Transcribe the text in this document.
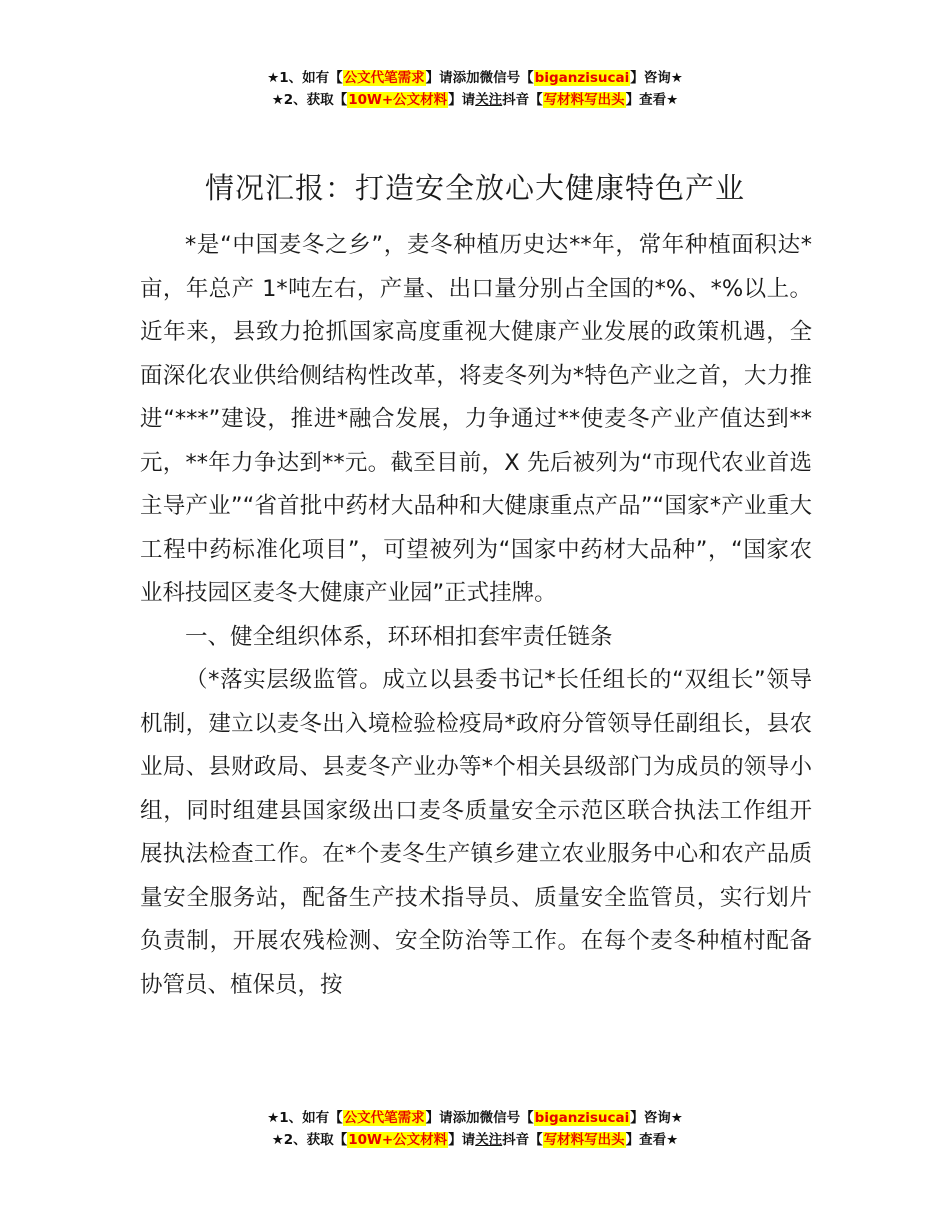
★1、如有【公文代笔需求】请添加微信号【biganzisucai】咨询★
★2、获取【10W+公文材料】请关注抖音【写材料写出头】查看★
情况汇报：打造安全放心大健康特色产业

*是“中国麦冬之乡”，麦冬种植历史达**年，常年种植面积达*亩，年总产 1*吨左右，产量、出口量分别占全国的*%、*%以上。近年来，县致力抢抓国家高度重视大健康产业发展的政策机遇，全面深化农业供给侧结构性改革，将麦冬列为*特色产业之首，大力推进“***”建设，推进*融合发展，力争通过**使麦冬产业产值达到**元，**年力争达到**元。截至目前，X 先后被列为“市现代农业首选主导产业”“省首批中药材大品种和大健康重点产品”“国家*产业重大工程中药标准化项目”，可望被列为“国家中药材大品种”，“国家农业科技园区麦冬大健康产业园”正式挂牌。

一、健全组织体系，环环相扣套牢责任链条

（*落实层级监管。成立以县委书记*长任组长的“双组长”领导机制，建立以麦冬出入境检验检疫局*政府分管领导任副组长，县农业局、县财政局、县麦冬产业办等*个相关县级部门为成员的领导小组，同时组建县国家级出口麦冬质量安全示范区联合执法工作组开展执法检查工作。在*个麦冬生产镇乡建立农业服务中心和农产品质量安全服务站，配备生产技术指导员、质量安全监管员，实行划片负责制，开展农残检测、安全防治等工作。在每个麦冬种植村配备协管员、植保员，按

★1、如有【公文代笔需求】请添加微信号【biganzisucai】咨询★
★2、获取【10W+公文材料】请关注抖音【写材料写出头】查看★
